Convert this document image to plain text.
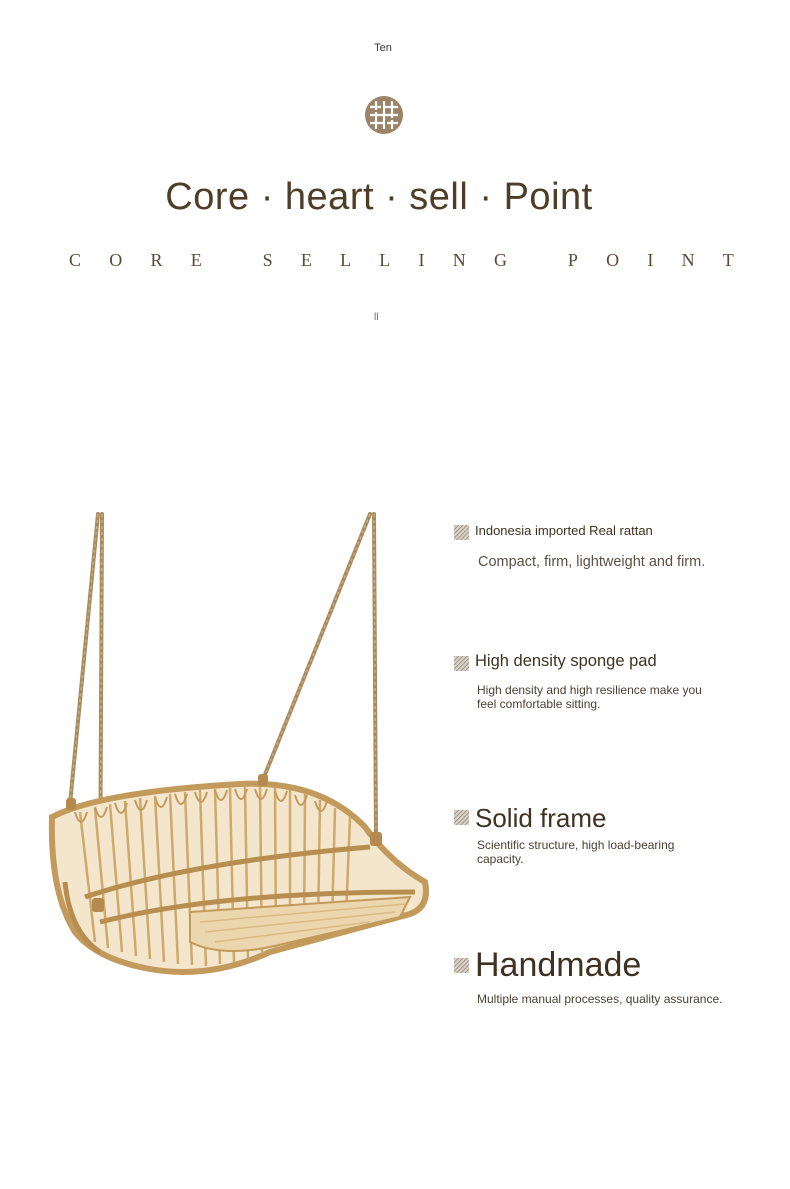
Ten
Core · heart · sell · Point
C O R E
	S E L L I N G
	P O I N T
ll
Indonesia imported Real rattan
Compact, firm, lightweight and firm.
High density sponge pad
High density and high resilience make you feel comfortable sitting.
Solid frame
Scientific structure, high load-bearing capacity.
Handmade
Multiple manual processes, quality assurance.
